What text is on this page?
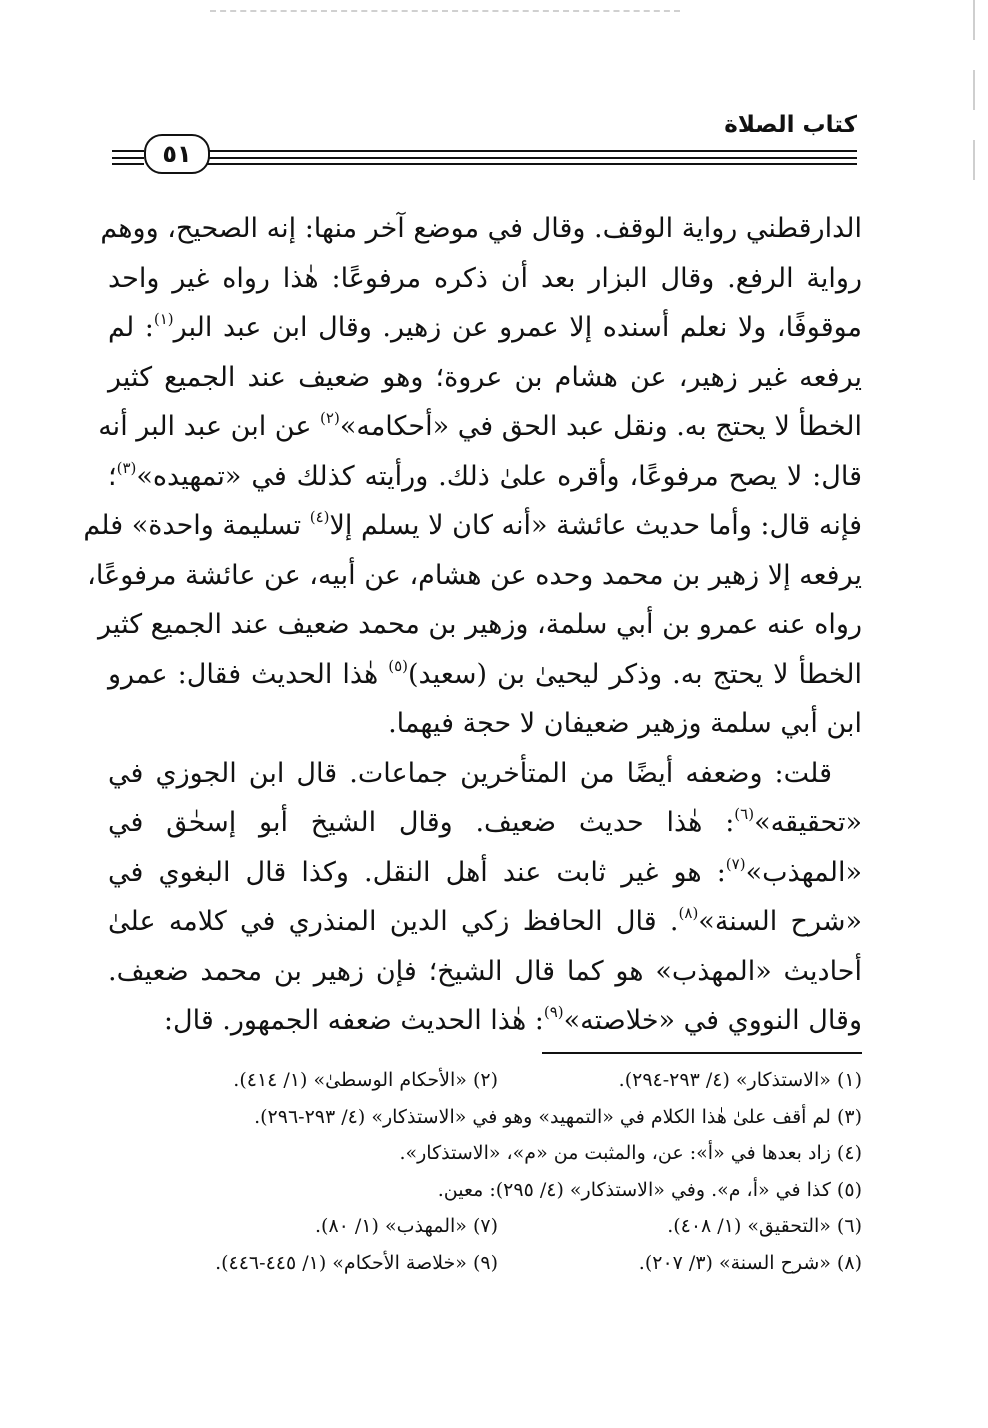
كتاب الصلاة
٥١
الدارقطني رواية الوقف. وقال في موضع آخر منها: إنه الصحيح، ووهم
رواية الرفع. وقال البزار بعد أن ذكره مرفوعًا: هٰذا رواه غير واحد
موقوفًا، ولا نعلم أسنده إلا عمرو عن زهير. وقال ابن عبد البر$^{(١)}$: لم
يرفعه غير زهير، عن هشام بن عروة؛ وهو ضعيف عند الجميع كثير
الخطأ لا يحتج به. ونقل عبد الحق في «أحكامه»$^{(٢)}$ عن ابن عبد البر أنه
قال: لا يصح مرفوعًا، وأقره علىٰ ذلك. ورأيته كذلك في «تمهيده»$^{(٣)}$؛
فإنه قال: وأما حديث عائشة «أنه كان لا يسلم إلا$^{(٤)}$ تسليمة واحدة» فلم
يرفعه إلا زهير بن محمد وحده عن هشام، عن أبيه، عن عائشة مرفوعًا،
رواه عنه عمرو بن أبي سلمة، وزهير بن محمد ضعيف عند الجميع كثير
الخطأ لا يحتج به. وذكر ليحيىٰ بن (سعيد)$^{(٥)}$ هٰذا الحديث فقال: عمرو
ابن أبي سلمة وزهير ضعيفان لا حجة فيهما.
قلت: وضعفه أيضًا من المتأخرين جماعات. قال ابن الجوزي في
«تحقيقه»$^{(٦)}$: هٰذا حديث ضعيف. وقال الشيخ أبو إسحٰق في
«المهذب»$^{(٧)}$: هو غير ثابت عند أهل النقل. وكذا قال البغوي في
«شرح السنة»$^{(٨)}$. قال الحافظ زكي الدين المنذري في كلامه علىٰ
أحاديث «المهذب» هو كما قال الشيخ؛ فإن زهير بن محمد ضعيف.
وقال النووي في «خلاصته»$^{(٩)}$: هٰذا الحديث ضعفه الجمهور. قال:
(١) «الاستذكار» (٤/ ٢٩٣-٢٩٤).
(٢) «الأحكام الوسطىٰ» (١/ ٤١٤).
(٣) لم أقف علىٰ هٰذا الكلام في «التمهيد» وهو في «الاستذكار» (٤/ ٢٩٣-٢٩٦).
(٤) زاد بعدها في «أ»: عن، والمثبت من «م»، «الاستذكار».
(٥) كذا في «أ، م». وفي «الاستذكار» (٤/ ٢٩٥): معين.
(٦) «التحقيق» (١/ ٤٠٨).
(٧) «المهذب» (١/ ٨٠).
(٨) «شرح السنة» (٣/ ٢٠٧).
(٩) «خلاصة الأحكام» (١/ ٤٤٥-٤٤٦).
